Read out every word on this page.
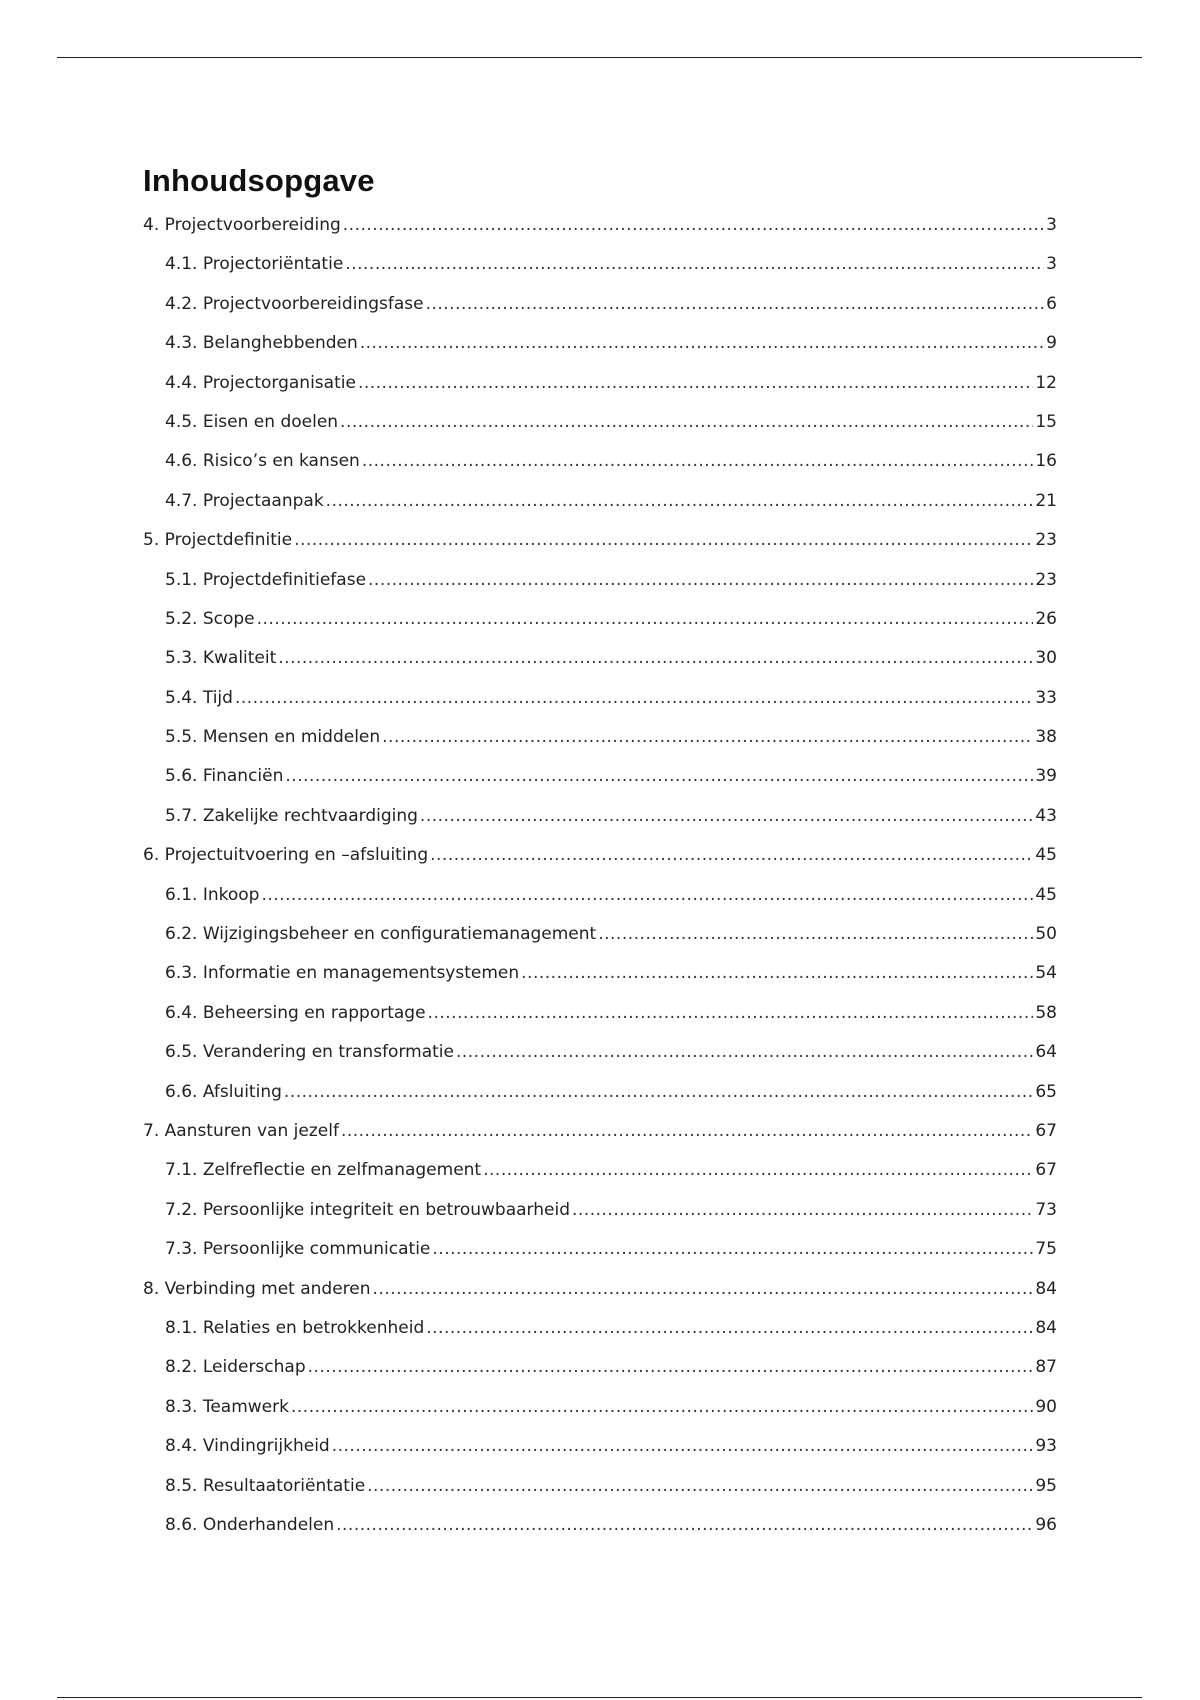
Inhoudsopgave
4. Projectvoorbereiding .....	3
4.1. Projectoriëntatie .....	3
4.2. Projectvoorbereidingsfase .....	6
4.3. Belanghebbenden .....	9
4.4. Projectorganisatie .....	12
4.5. Eisen en doelen .....	15
4.6. Risico’s en kansen .....	16
4.7. Projectaanpak .....	21
5. Projectdefinitie .....	23
5.1. Projectdefinitiefase .....	23
5.2. Scope .....	26
5.3. Kwaliteit .....	30
5.4. Tijd .....	33
5.5. Mensen en middelen .....	38
5.6. Financiën .....	39
5.7. Zakelijke rechtvaardiging .....	43
6. Projectuitvoering en –afsluiting .....	45
6.1. Inkoop .....	45
6.2. Wijzigingsbeheer en configuratiemanagement .....	50
6.3. Informatie en managementsystemen .....	54
6.4. Beheersing en rapportage .....	58
6.5. Verandering en transformatie .....	64
6.6. Afsluiting .....	65
7. Aansturen van jezelf .....	67
7.1. Zelfreflectie en zelfmanagement .....	67
7.2. Persoonlijke integriteit en betrouwbaarheid .....	73
7.3. Persoonlijke communicatie .....	75
8. Verbinding met anderen .....	84
8.1. Relaties en betrokkenheid .....	84
8.2. Leiderschap .....	87
8.3. Teamwerk .....	90
8.4. Vindingrijkheid .....	93
8.5. Resultaatoriëntatie .....	95
8.6. Onderhandelen .....	96
